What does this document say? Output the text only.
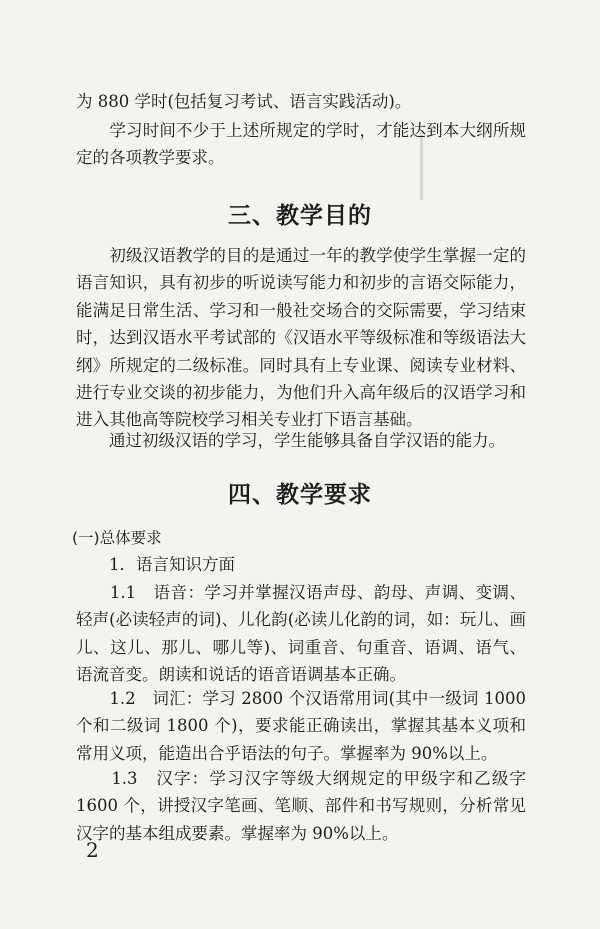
为 880 学时(包括复习考试、语言实践活动)。

　　学习时间不少于上述所规定的学时，才能达到本大纲所规定的各项教学要求。

三、教学目的

　　初级汉语教学的目的是通过一年的教学使学生掌握一定的语言知识，具有初步的听说读写能力和初步的言语交际能力，能满足日常生活、学习和一般社交场合的交际需要，学习结束时，达到汉语水平考试部的《汉语水平等级标准和等级语法大纲》所规定的二级标准。同时具有上专业课、阅读专业材料、进行专业交谈的初步能力，为他们升入高年级后的汉语学习和进入其他高等院校学习相关专业打下语言基础。

　　通过初级汉语的学习，学生能够具备自学汉语的能力。

四、教学要求

(一)总体要求

　　1．语言知识方面

　　1.1　语音：学习并掌握汉语声母、韵母、声调、变调、轻声(必读轻声的词)、儿化韵(必读儿化韵的词，如：玩儿、画儿、这儿、那儿、哪儿等)、词重音、句重音、语调、语气、语流音变。朗读和说话的语音语调基本正确。

　　1.2　词汇：学习 2800 个汉语常用词(其中一级词 1000 个和二级词 1800 个)，要求能正确读出，掌握其基本义项和常用义项，能造出合乎语法的句子。掌握率为 90%以上。

　　1.3　汉字：学习汉字等级大纲规定的甲级字和乙级字 1600 个，讲授汉字笔画、笔顺、部件和书写规则，分析常见汉字的基本组成要素。掌握率为 90%以上。

2
